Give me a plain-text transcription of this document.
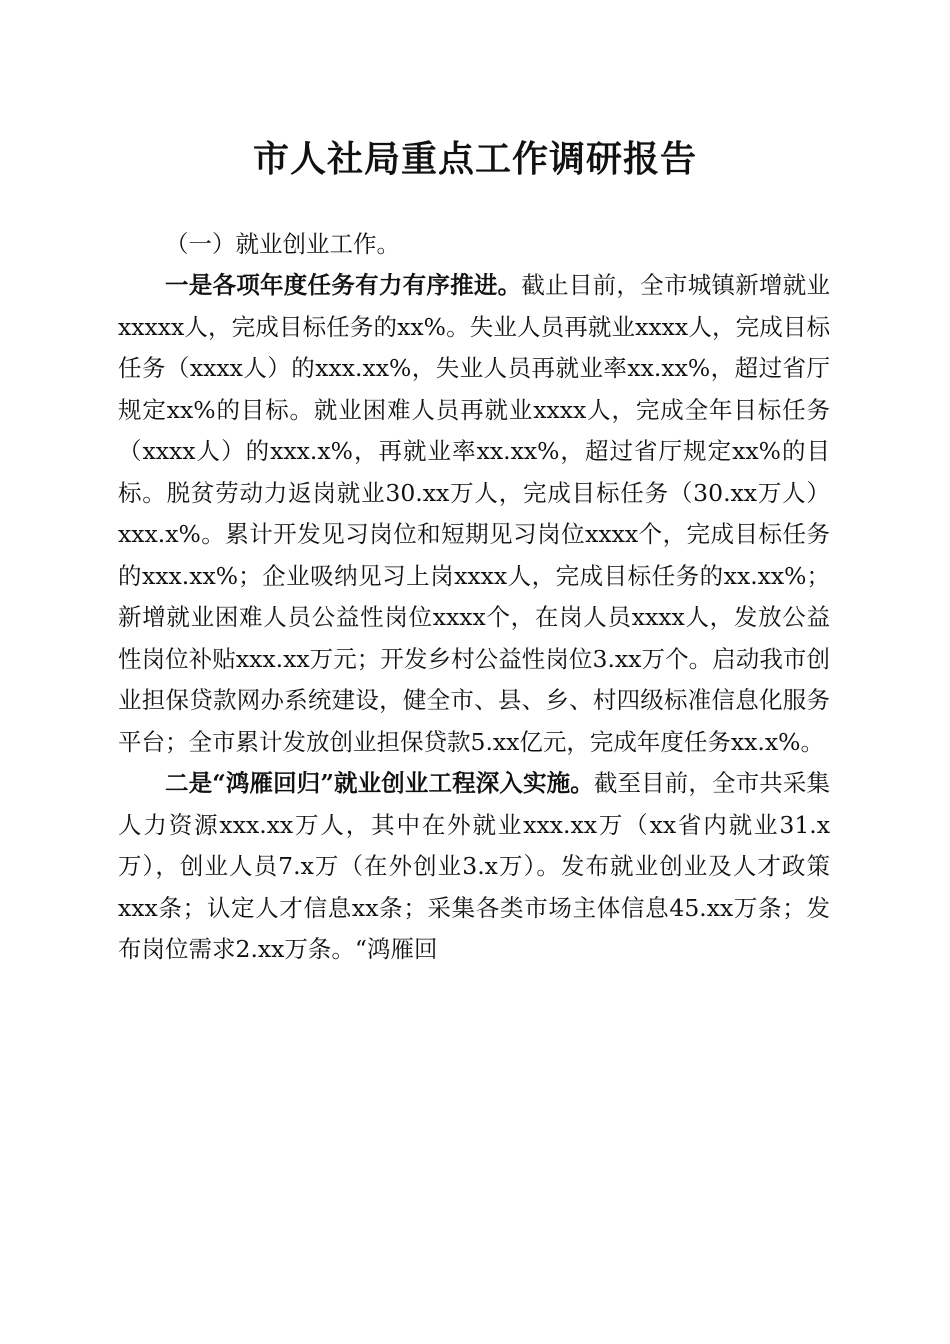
市人社局重点工作调研报告

（一）就业创业工作。

一是各项年度任务有力有序推进。截止目前，全市城镇新增就业xxxxx人，完成目标任务的xx%。失业人员再就业xxxx人，完成目标任务（xxxx人）的xxx.xx%，失业人员再就业率xx.xx%，超过省厅规定xx%的目标。就业困难人员再就业xxxx人，完成全年目标任务（xxxx人）的xxx.x%，再就业率xx.xx%，超过省厅规定xx%的目标。脱贫劳动力返岗就业30.xx万人，完成目标任务（30.xx万人）xxx.x%。累计开发见习岗位和短期见习岗位xxxx个，完成目标任务的xxx.xx%；企业吸纳见习上岗xxxx人，完成目标任务的xx.xx%；新增就业困难人员公益性岗位xxxx个，在岗人员xxxx人，发放公益性岗位补贴xxx.xx万元；开发乡村公益性岗位3.xx万个。启动我市创业担保贷款网办系统建设，健全市、县、乡、村四级标准信息化服务平台；全市累计发放创业担保贷款5.xx亿元，完成年度任务xx.x%。

二是“鸿雁回归”就业创业工程深入实施。截至目前，全市共采集人力资源xxx.xx万人，其中在外就业xxx.xx万（xx省内就业31.x万），创业人员7.x万（在外创业3.x万）。发布就业创业及人才政策xxx条；认定人才信息xx条；采集各类市场主体信息45.xx万条；发布岗位需求2.xx万条。“鸿雁回
